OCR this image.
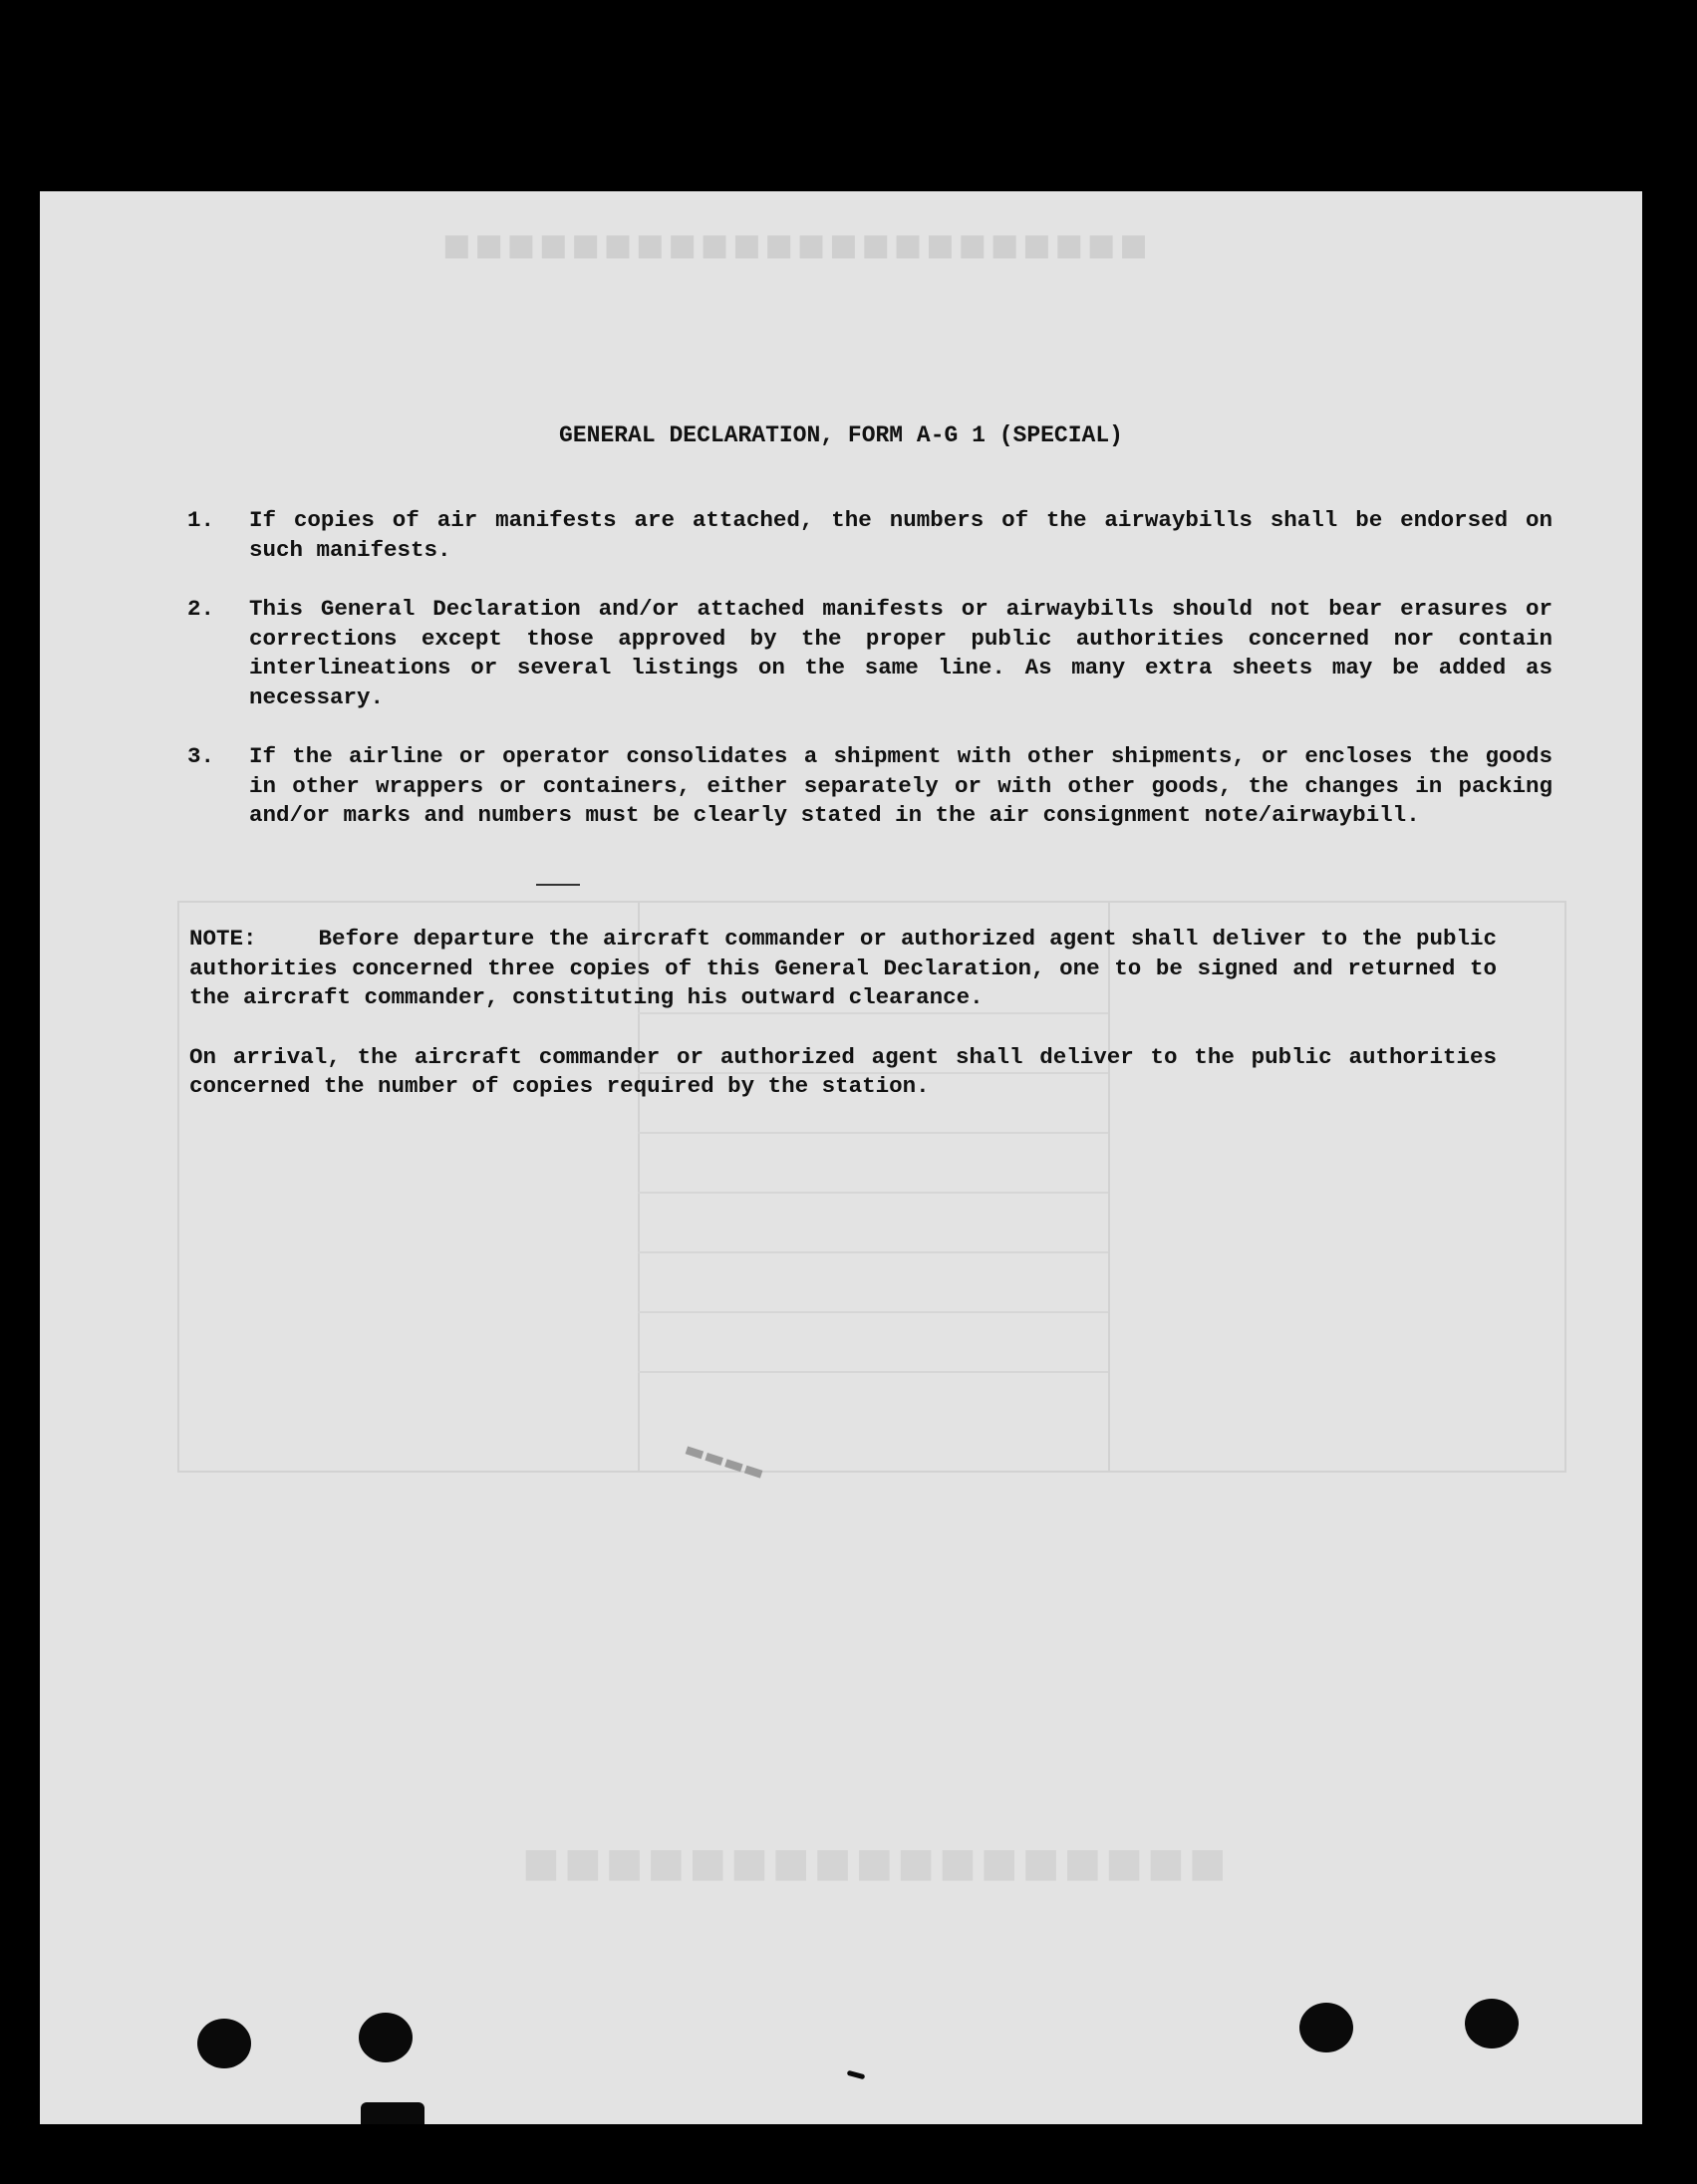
■■■■■■■■■■■■■■■■■■■■■■
■■■■■■■■■■■■■■■■■
GENERAL DECLARATION, FORM A-G 1 (SPECIAL)
1.	If copies of air manifests are attached, the numbers of the airwaybills shall be endorsed on such manifests.
2.	This General Declaration and/or attached manifests or airwaybills should not bear erasures or corrections except those approved by the proper public authorities concerned nor contain interlineations or several listings on the same line. As many extra sheets may be added as necessary.
3.	If the airline or operator consolidates a shipment with other shipments, or encloses the goods in other wrappers or containers, either separately or with other goods, the changes in packing and/or marks and numbers must be clearly stated in the air consignment note/airwaybill.

NOTE:	Before departure the aircraft commander or authorized agent shall deliver to the public authorities concerned three copies of this General Declaration, one to be signed and returned to the aircraft commander, constituting his outward clearance.

On arrival, the aircraft commander or authorized agent shall deliver to the public authorities concerned the number of copies required by the station.

▬▬▬▬
